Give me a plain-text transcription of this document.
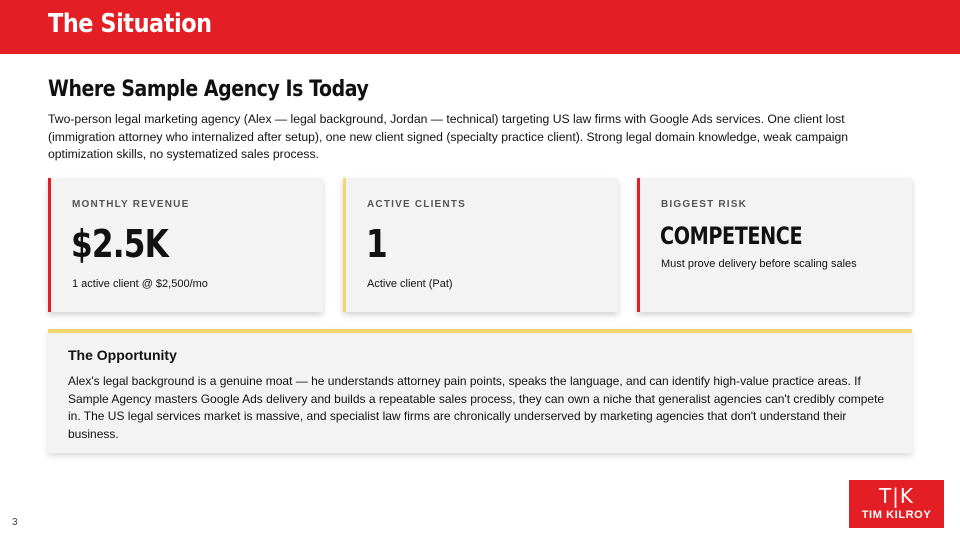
The Situation
Where Sample Agency Is Today

Two-person legal marketing agency (Alex — legal background, Jordan — technical) targeting US law firms with Google Ads services. One client lost (immigration attorney who internalized after setup), one new client signed (specialty practice client). Strong legal domain knowledge, weak campaign optimization skills, no systematized sales process.

MONTHLY REVENUE
$2.5K
1 active client @ $2,500/mo
ACTIVE CLIENTS
1
Active client (Pat)
BIGGEST RISK
COMPETENCE
Must prove delivery before scaling sales
The Opportunity

Alex's legal background is a genuine moat — he understands attorney pain points, speaks the language, and can identify high-value practice areas. If Sample Agency masters Google Ads delivery and builds a repeatable sales process, they can own a niche that generalist agencies can't credibly compete in. The US legal services market is massive, and specialist law firms are chronically underserved by marketing agencies that don't understand their business.

3
T|K
TIM KILROY
